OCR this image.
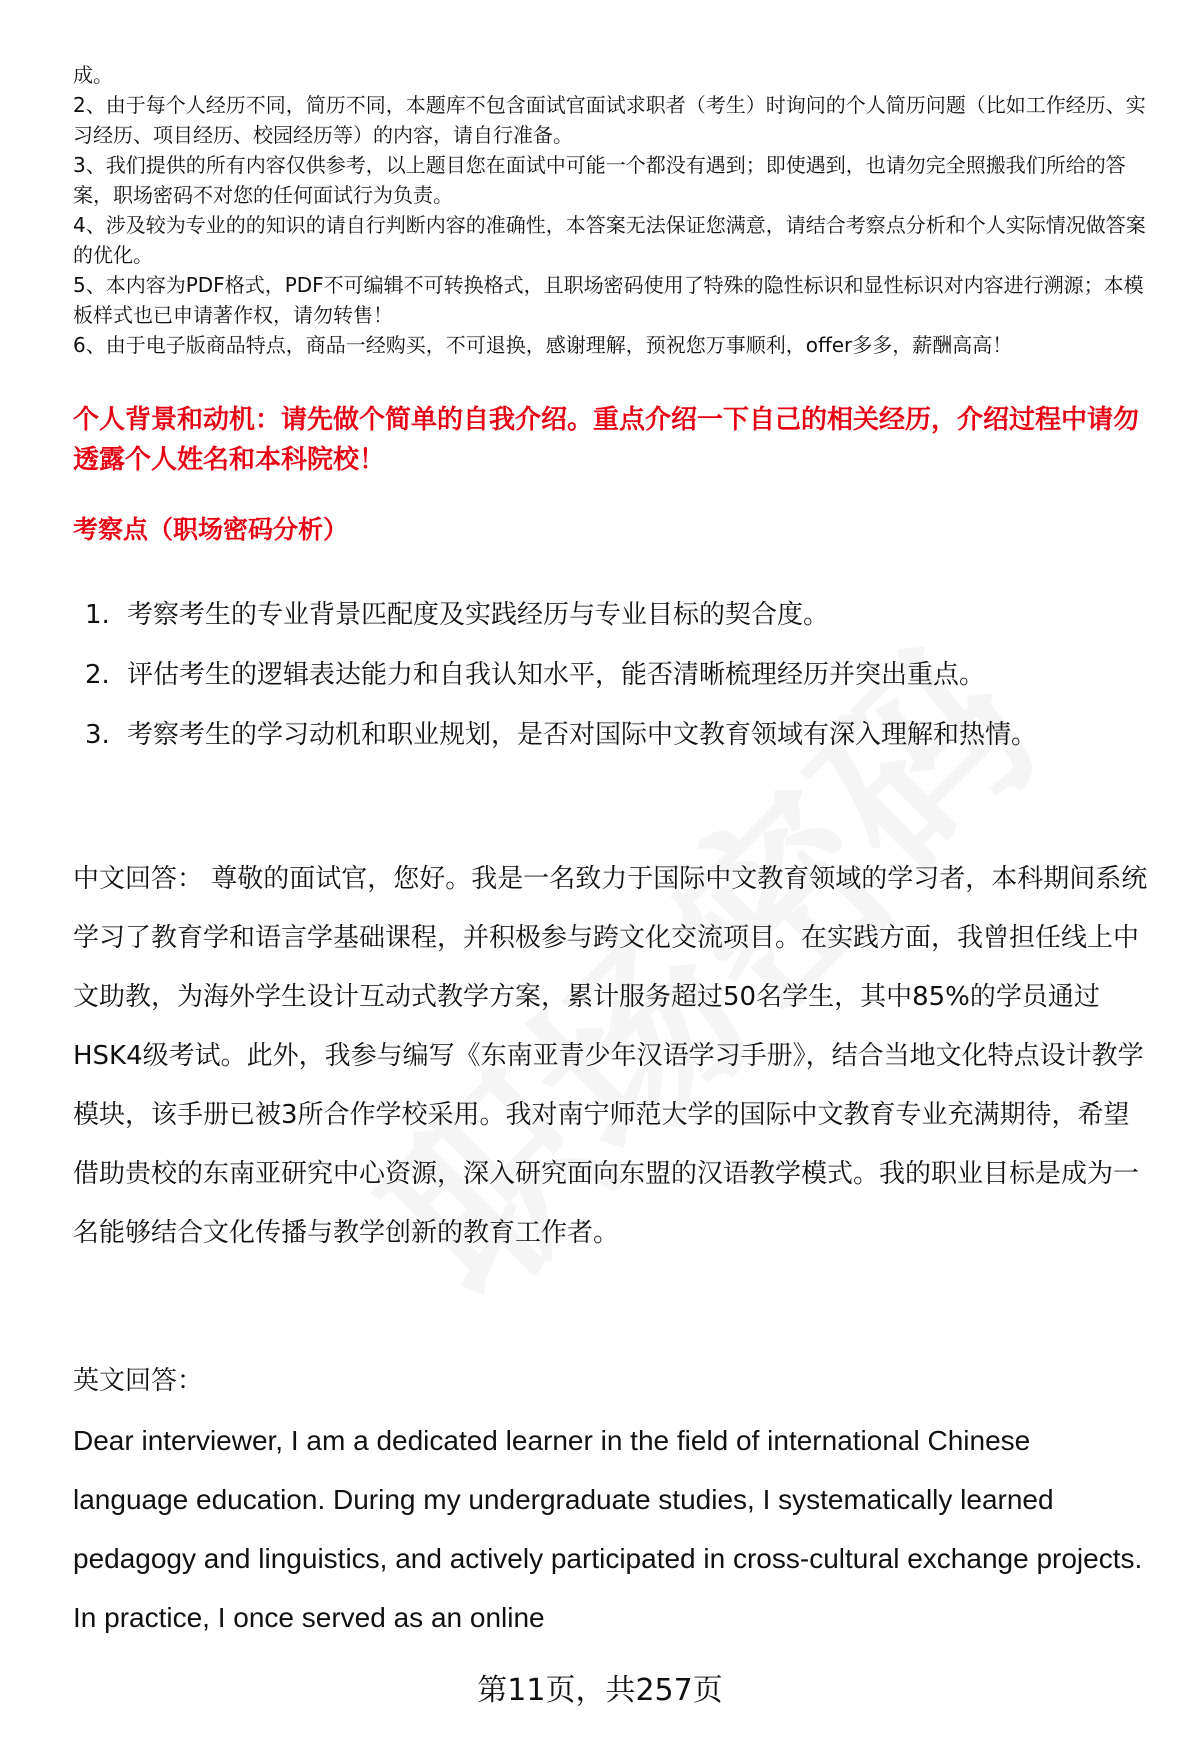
成。
2、由于每个人经历不同，简历不同，本题库不包含面试官面试求职者（考生）时询问的个人简历问题（比如工作经历、实习经历、项目经历、校园经历等）的内容，请自行准备。
3、我们提供的所有内容仅供参考，以上题目您在面试中可能一个都没有遇到；即使遇到，也请勿完全照搬我们所给的答案，职场密码不对您的任何面试行为负责。
4、涉及较为专业的的知识的请自行判断内容的准确性，本答案无法保证您满意，请结合考察点分析和个人实际情况做答案的优化。
5、本内容为PDF格式，PDF不可编辑不可转换格式，且职场密码使用了特殊的隐性标识和显性标识对内容进行溯源；本模板样式也已申请著作权，请勿转售！
6、由于电子版商品特点，商品一经购买，不可退换，感谢理解，预祝您万事顺利，offer多多，薪酬高高！
个人背景和动机：请先做个简单的自我介绍。重点介绍一下自己的相关经历，介绍过程中请勿透露个人姓名和本科院校！
考察点（职场密码分析）
1. 考察考生的专业背景匹配度及实践经历与专业目标的契合度。
2. 评估考生的逻辑表达能力和自我认知水平，能否清晰梳理经历并突出重点。
3. 考察考生的学习动机和职业规划，是否对国际中文教育领域有深入理解和热情。
中文回答： 尊敬的面试官，您好。我是一名致力于国际中文教育领域的学习者，本科期间系统学习了教育学和语言学基础课程，并积极参与跨文化交流项目。在实践方面，我曾担任线上中文助教，为海外学生设计互动式教学方案，累计服务超过50名学生，其中85%的学员通过HSK4级考试。此外，我参与编写《东南亚青少年汉语学习手册》，结合当地文化特点设计教学模块，该手册已被3所合作学校采用。我对南宁师范大学的国际中文教育专业充满期待，希望借助贵校的东南亚研究中心资源，深入研究面向东盟的汉语教学模式。我的职业目标是成为一名能够结合文化传播与教学创新的教育工作者。
英文回答：
Dear interviewer, I am a dedicated learner in the field of international Chinese language education. During my undergraduate studies, I systematically learned pedagogy and linguistics, and actively participated in cross-cultural exchange projects. In practice, I once served as an online
第11页，共257页
